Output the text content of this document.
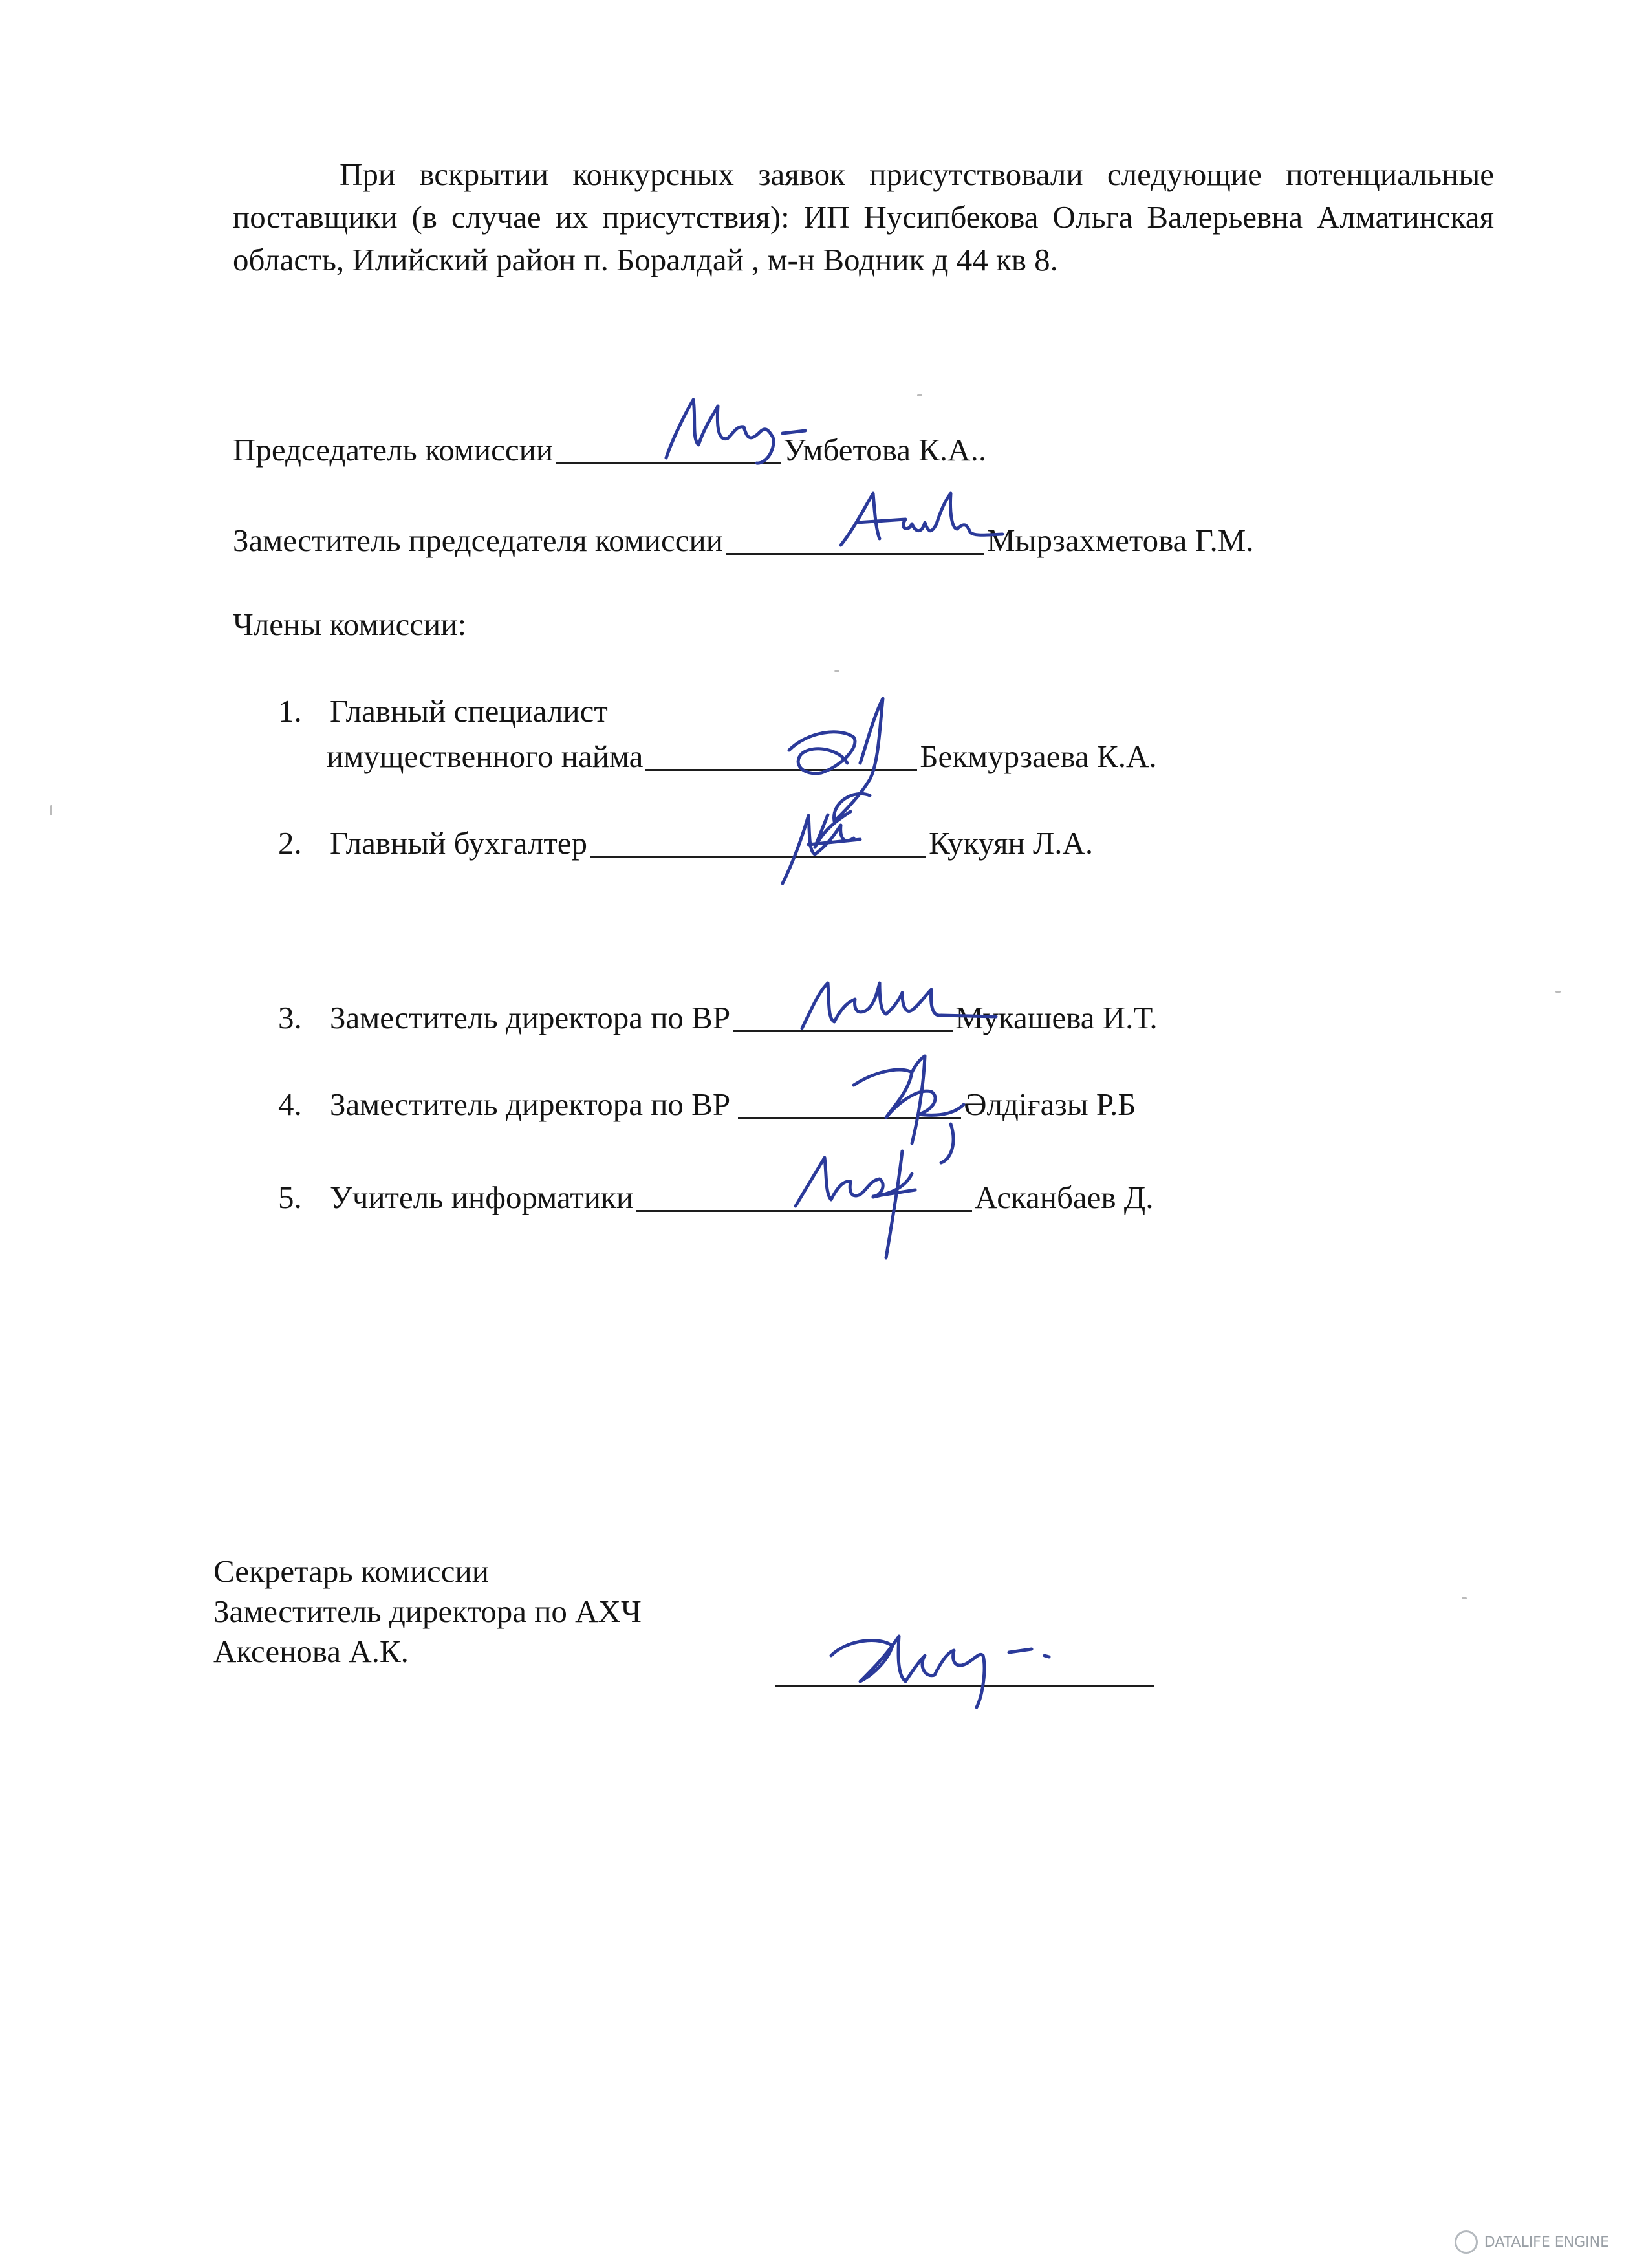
При вскрытии конкурсных заявок присутствовали следующие потенциальные поставщики (в случае их присутствия): ИП Нусипбекова Ольга Валерьевна Алматинская область, Илийский район п. Боралдай , м-н Водник д 44 кв 8.

Председатель комиссии	Умбетова К.А..
Заместитель председателя комиссии	Мырзахметова Г.М.
Члены комиссии:
1. Главный специалист
имущественного найма	Бекмурзаева К.А.
2. Главный бухгалтер	Кукуян Л.А.
3. Заместитель директора по ВР	Мукашева И.Т.
4. Заместитель директора по ВР	Әлдіғазы Р.Б
5. Учитель информатики	Асканбаев Д.
Секретарь комиссии
Заместитель директора по АХЧ
Аксенова А.К.
DATALIFE ENGINE
